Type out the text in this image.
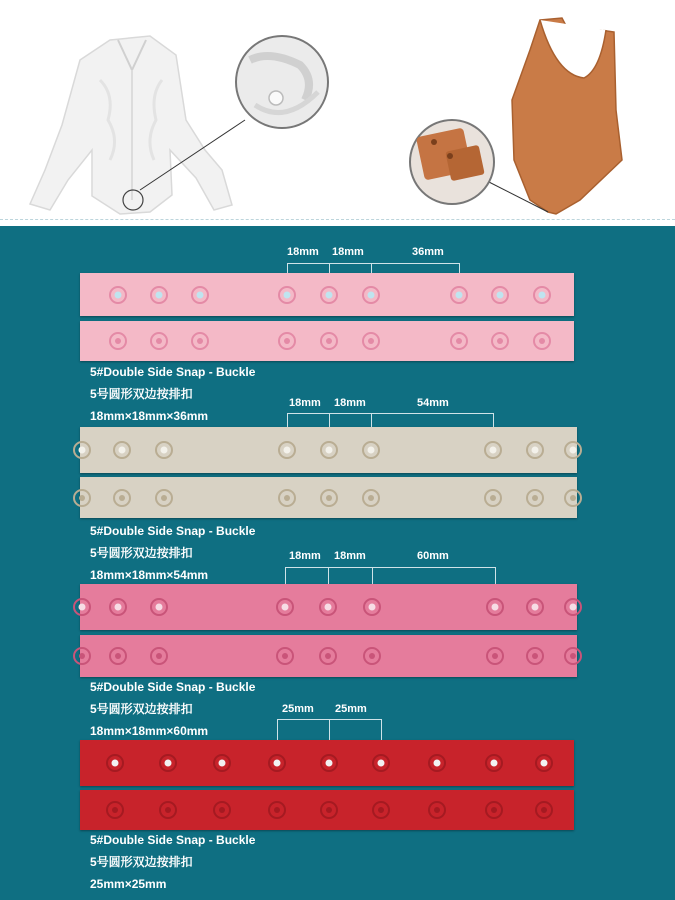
18mm 18mm	36mm
18mm 18mm	54mm
18mm 18mm	60mm
25mm 25mm
5#Double Side Snap - Buckle
5号圆形双边按排扣
18mm×18mm×36mm
5#Double Side Snap - Buckle
5号圆形双边按排扣
18mm×18mm×54mm
5#Double Side Snap - Buckle
5号圆形双边按排扣
18mm×18mm×60mm
5#Double Side Snap - Buckle
5号圆形双边按排扣
25mm×25mm
